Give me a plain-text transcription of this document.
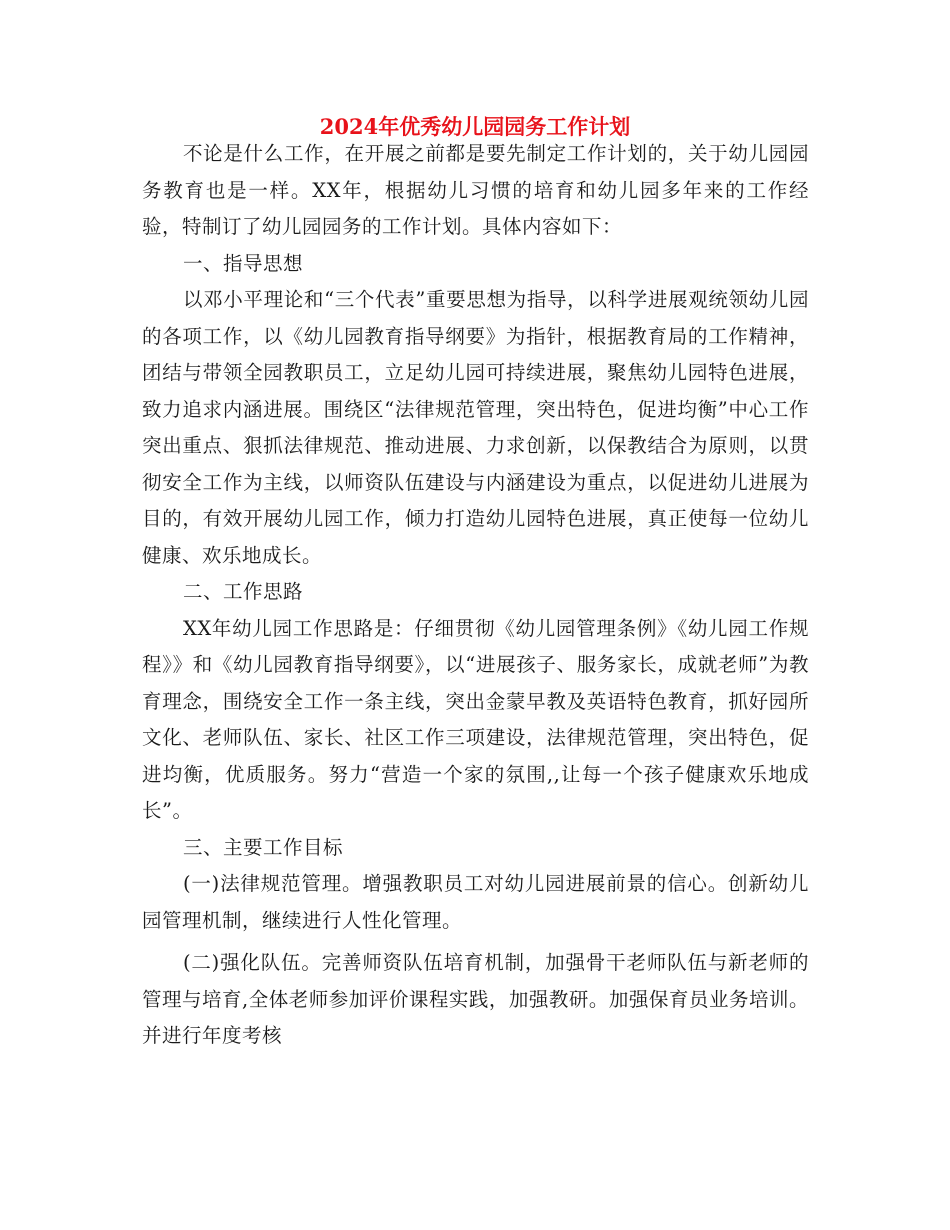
2024年优秀幼儿园园务工作计划

不论是什么工作，在开展之前都是要先制定工作计划的，关于幼儿园园务教育也是一样。XX年，根据幼儿习惯的培育和幼儿园多年来的工作经验，特制订了幼儿园园务的工作计划。具体内容如下：

一、指导思想

以邓小平理论和“三个代表”重要思想为指导，以科学进展观统领幼儿园的各项工作，以《幼儿园教育指导纲要》为指针，根据教育局的工作精神，团结与带领全园教职员工，立足幼儿园可持续进展，聚焦幼儿园特色进展，致力追求内涵进展。围绕区“法律规范管理，突出特色，促进均衡”中心工作突出重点、狠抓法律规范、推动进展、力求创新，以保教结合为原则，以贯彻安全工作为主线，以师资队伍建设与内涵建设为重点，以促进幼儿进展为目的，有效开展幼儿园工作，倾力打造幼儿园特色进展，真正使每一位幼儿健康、欢乐地成长。

二、工作思路

XX年幼儿园工作思路是：仔细贯彻《幼儿园管理条例》《幼儿园工作规程》》和《幼儿园教育指导纲要》，以“进展孩子、服务家长，成就老师”为教育理念，围绕安全工作一条主线，突出金蒙早教及英语特色教育，抓好园所文化、老师队伍、家长、社区工作三项建设，法律规范管理，突出特色，促进均衡，优质服务。努力“营造一个家的氛围,,让每一个孩子健康欢乐地成长”。

三、主要工作目标

(一)法律规范管理。增强教职员工对幼儿园进展前景的信心。创新幼儿园管理机制，继续进行人性化管理。

(二)强化队伍。完善师资队伍培育机制，加强骨干老师队伍与新老师的管理与培育,全体老师参加评价课程实践，加强教研。加强保育员业务培训。并进行年度考核
